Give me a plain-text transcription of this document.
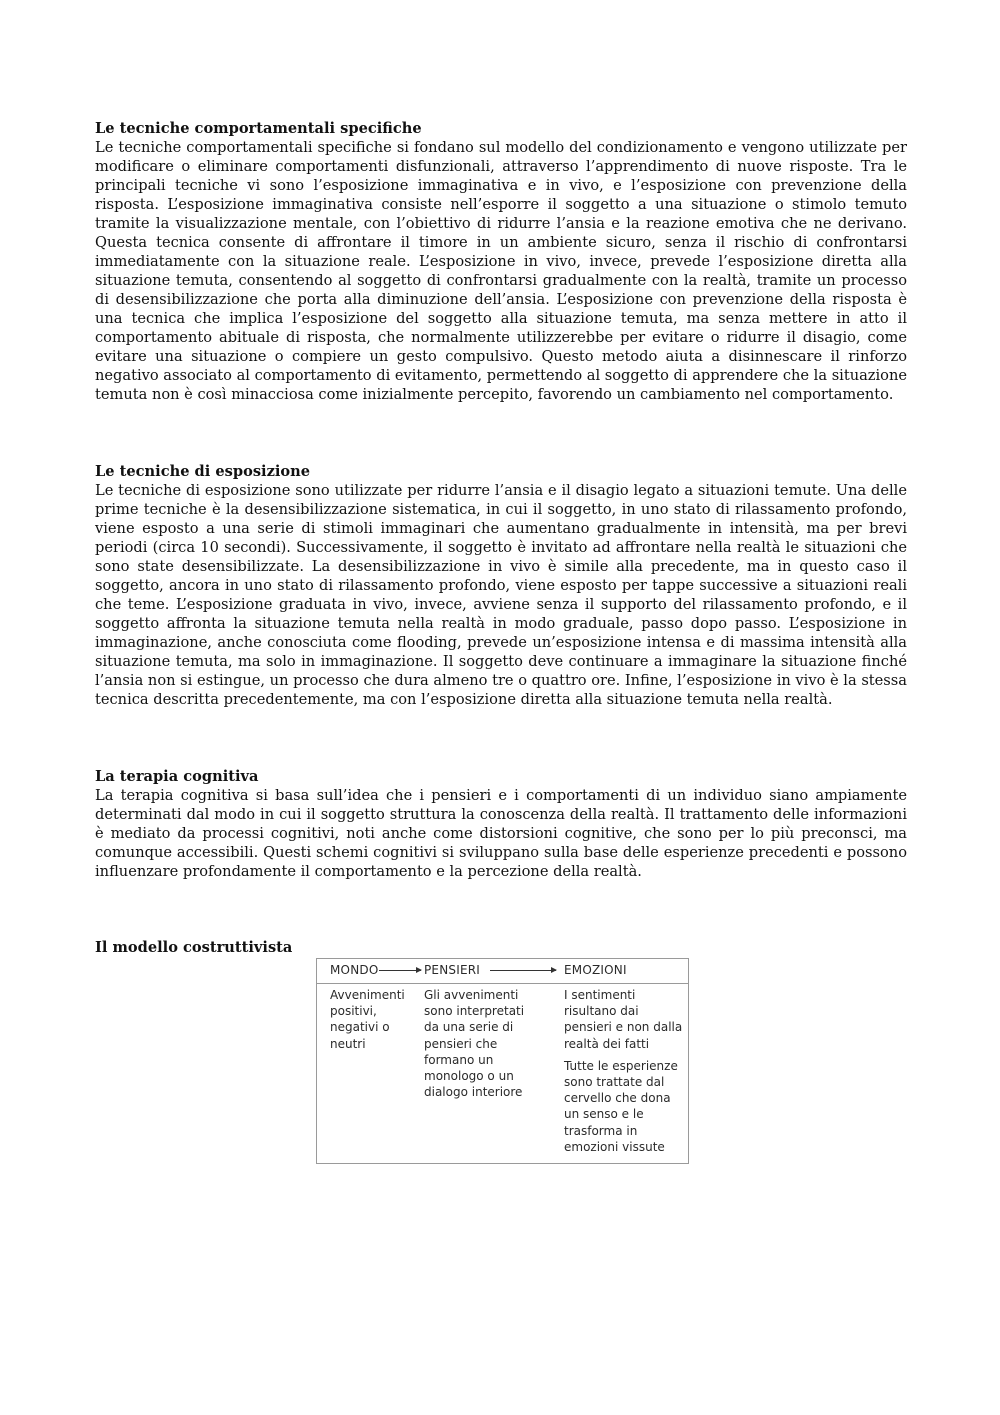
Le tecniche comportamentali specifiche

Le tecniche comportamentali specifiche si fondano sul modello del condizionamento e vengono utilizzate per modificare o eliminare comportamenti disfunzionali, attraverso l’apprendimento di nuove risposte. Tra le principali tecniche vi sono l’esposizione immaginativa e in vivo, e l’esposizione con prevenzione della risposta. L’esposizione immaginativa consiste nell’esporre il soggetto a una situazione o stimolo temuto tramite la visualizzazione mentale, con l’obiettivo di ridurre l’ansia e la reazione emotiva che ne derivano. Questa tecnica consente di affrontare il timore in un ambiente sicuro, senza il rischio di confrontarsi immediatamente con la situazione reale. L’esposizione in vivo, invece, prevede l’esposizione diretta alla situazione temuta, consentendo al soggetto di confrontarsi gradualmente con la realtà, tramite un processo di desensibilizzazione che porta alla diminuzione dell’ansia. L’esposizione con prevenzione della risposta è una tecnica che implica l’esposizione del soggetto alla situazione temuta, ma senza mettere in atto il comportamento abituale di risposta, che normalmente utilizzerebbe per evitare o ridurre il disagio, come evitare una situazione o compiere un gesto compulsivo. Questo metodo aiuta a disinnescare il rinforzo negativo associato al comportamento di evitamento, permettendo al soggetto di apprendere che la situazione temuta non è così minacciosa come inizialmente percepito, favorendo un cambiamento nel comportamento.

Le tecniche di esposizione

Le tecniche di esposizione sono utilizzate per ridurre l’ansia e il disagio legato a situazioni temute. Una delle prime tecniche è la desensibilizzazione sistematica, in cui il soggetto, in uno stato di rilassamento profondo, viene esposto a una serie di stimoli immaginari che aumentano gradualmente in intensità, ma per brevi periodi (circa 10 secondi). Successivamente, il soggetto è invitato ad affrontare nella realtà le situazioni che sono state desensibilizzate. La desensibilizzazione in vivo è simile alla precedente, ma in questo caso il soggetto, ancora in uno stato di rilassamento profondo, viene esposto per tappe successive a situazioni reali che teme. L’esposizione graduata in vivo, invece, avviene senza il supporto del rilassamento profondo, e il soggetto affronta la situazione temuta nella realtà in modo graduale, passo dopo passo. L’esposizione in immaginazione, anche conosciuta come flooding, prevede un’esposizione intensa e di massima intensità alla situazione temuta, ma solo in immaginazione. Il soggetto deve continuare a immaginare la situazione finché l’ansia non si estingue, un processo che dura almeno tre o quattro ore. Infine, l’esposizione in vivo è la stessa tecnica descritta precedentemente, ma con l’esposizione diretta alla situazione temuta nella realtà.

La terapia cognitiva

La terapia cognitiva si basa sull’idea che i pensieri e i comportamenti di un individuo siano ampiamente determinati dal modo in cui il soggetto struttura la conoscenza della realtà. Il trattamento delle informazioni è mediato da processi cognitivi, noti anche come distorsioni cognitive, che sono per lo più preconsci, ma comunque accessibili. Questi schemi cognitivi si sviluppano sulla base delle esperienze precedenti e possono influenzare profondamente il comportamento e la percezione della realtà.

Il modello costruttivista
MONDO	PENSIERI	EMOZIONI

Avvenimenti
positivi,
negativi o
neutri

Gli avvenimenti
sono interpretati
da una serie di
pensieri che
formano un
monologo o un
dialogo interiore

I sentimenti
risultano dai
pensieri e non dalla
realtà dei fatti

Tutte le esperienze
sono trattate dal
cervello che dona
un senso e le
trasforma in
emozioni vissute
